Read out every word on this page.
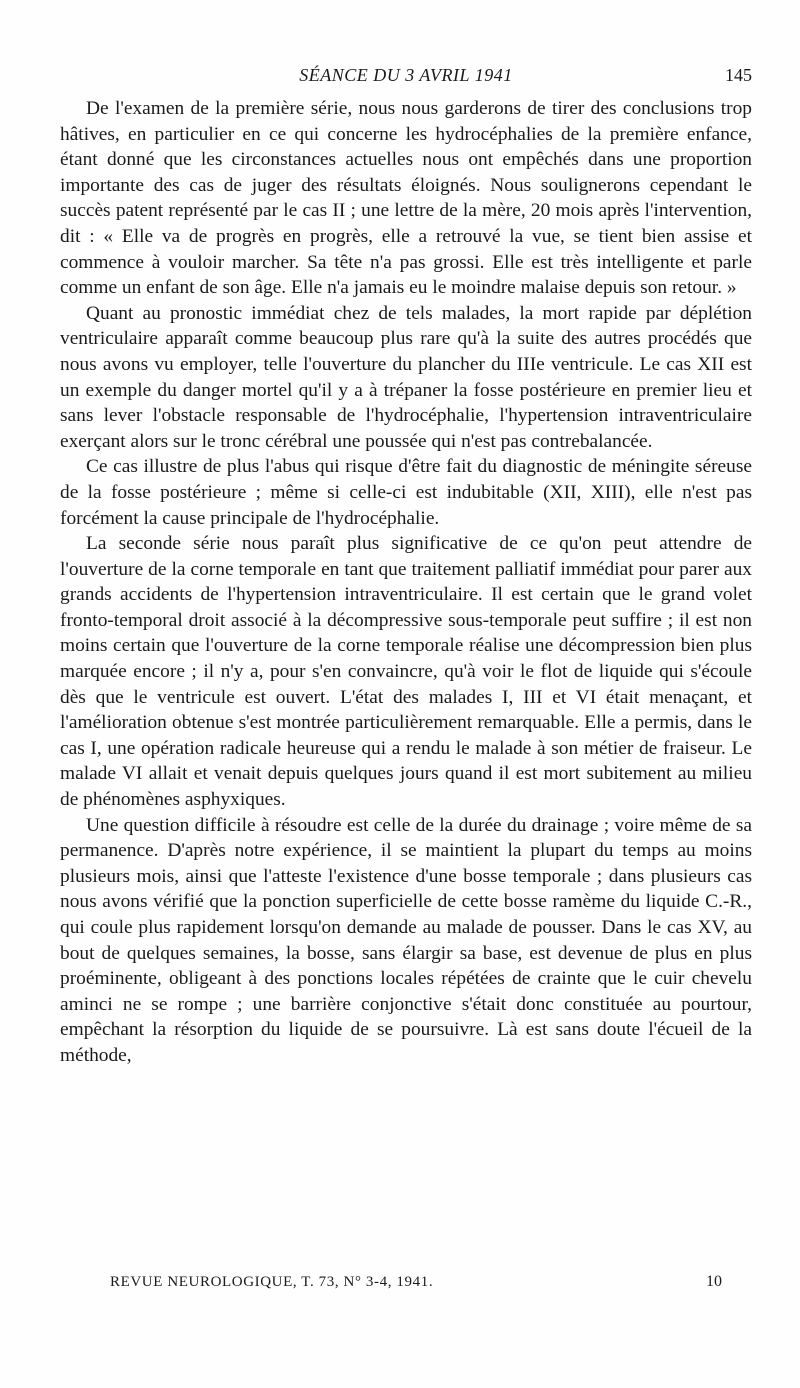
SÉANCE DU 3 AVRIL 1941	145

De l'examen de la première série, nous nous garderons de tirer des conclusions trop hâtives, en particulier en ce qui concerne les hydrocéphalies de la première enfance, étant donné que les circonstances actuelles nous ont empêchés dans une proportion importante des cas de juger des résultats éloignés. Nous soulignerons cependant le succès patent représenté par le cas II ; une lettre de la mère, 20 mois après l'intervention, dit : « Elle va de progrès en progrès, elle a retrouvé la vue, se tient bien assise et commence à vouloir marcher. Sa tête n'a pas grossi. Elle est très intelligente et parle comme un enfant de son âge. Elle n'a jamais eu le moindre malaise depuis son retour. »

Quant au pronostic immédiat chez de tels malades, la mort rapide par déplétion ventriculaire apparaît comme beaucoup plus rare qu'à la suite des autres procédés que nous avons vu employer, telle l'ouverture du plancher du IIIe ventricule. Le cas XII est un exemple du danger mortel qu'il y a à trépaner la fosse postérieure en premier lieu et sans lever l'obstacle responsable de l'hydrocéphalie, l'hypertension intraventriculaire exerçant alors sur le tronc cérébral une poussée qui n'est pas contrebalancée.

Ce cas illustre de plus l'abus qui risque d'être fait du diagnostic de méningite séreuse de la fosse postérieure ; même si celle-ci est indubitable (XII, XIII), elle n'est pas forcément la cause principale de l'hydrocéphalie.

La seconde série nous paraît plus significative de ce qu'on peut attendre de l'ouverture de la corne temporale en tant que traitement palliatif immédiat pour parer aux grands accidents de l'hypertension intraventriculaire. Il est certain que le grand volet fronto-temporal droit associé à la décompressive sous-temporale peut suffire ; il est non moins certain que l'ouverture de la corne temporale réalise une décompression bien plus marquée encore ; il n'y a, pour s'en convaincre, qu'à voir le flot de liquide qui s'écoule dès que le ventricule est ouvert. L'état des malades I, III et VI était menaçant, et l'amélioration obtenue s'est montrée particulièrement remarquable. Elle a permis, dans le cas I, une opération radicale heureuse qui a rendu le malade à son métier de fraiseur. Le malade VI allait et venait depuis quelques jours quand il est mort subitement au milieu de phénomènes asphyxiques.

Une question difficile à résoudre est celle de la durée du drainage ; voire même de sa permanence. D'après notre expérience, il se maintient la plupart du temps au moins plusieurs mois, ainsi que l'atteste l'existence d'une bosse temporale ; dans plusieurs cas nous avons vérifié que la ponction superficielle de cette bosse ramème du liquide C.-R., qui coule plus rapidement lorsqu'on demande au malade de pousser. Dans le cas XV, au bout de quelques semaines, la bosse, sans élargir sa base, est devenue de plus en plus proéminente, obligeant à des ponctions locales répétées de crainte que le cuir chevelu aminci ne se rompe ; une barrière conjonctive s'était donc constituée au pourtour, empêchant la résorption du liquide de se poursuivre. Là est sans doute l'écueil de la méthode,

REVUE NEUROLOGIQUE, T. 73, N° 3-4, 1941.	10
